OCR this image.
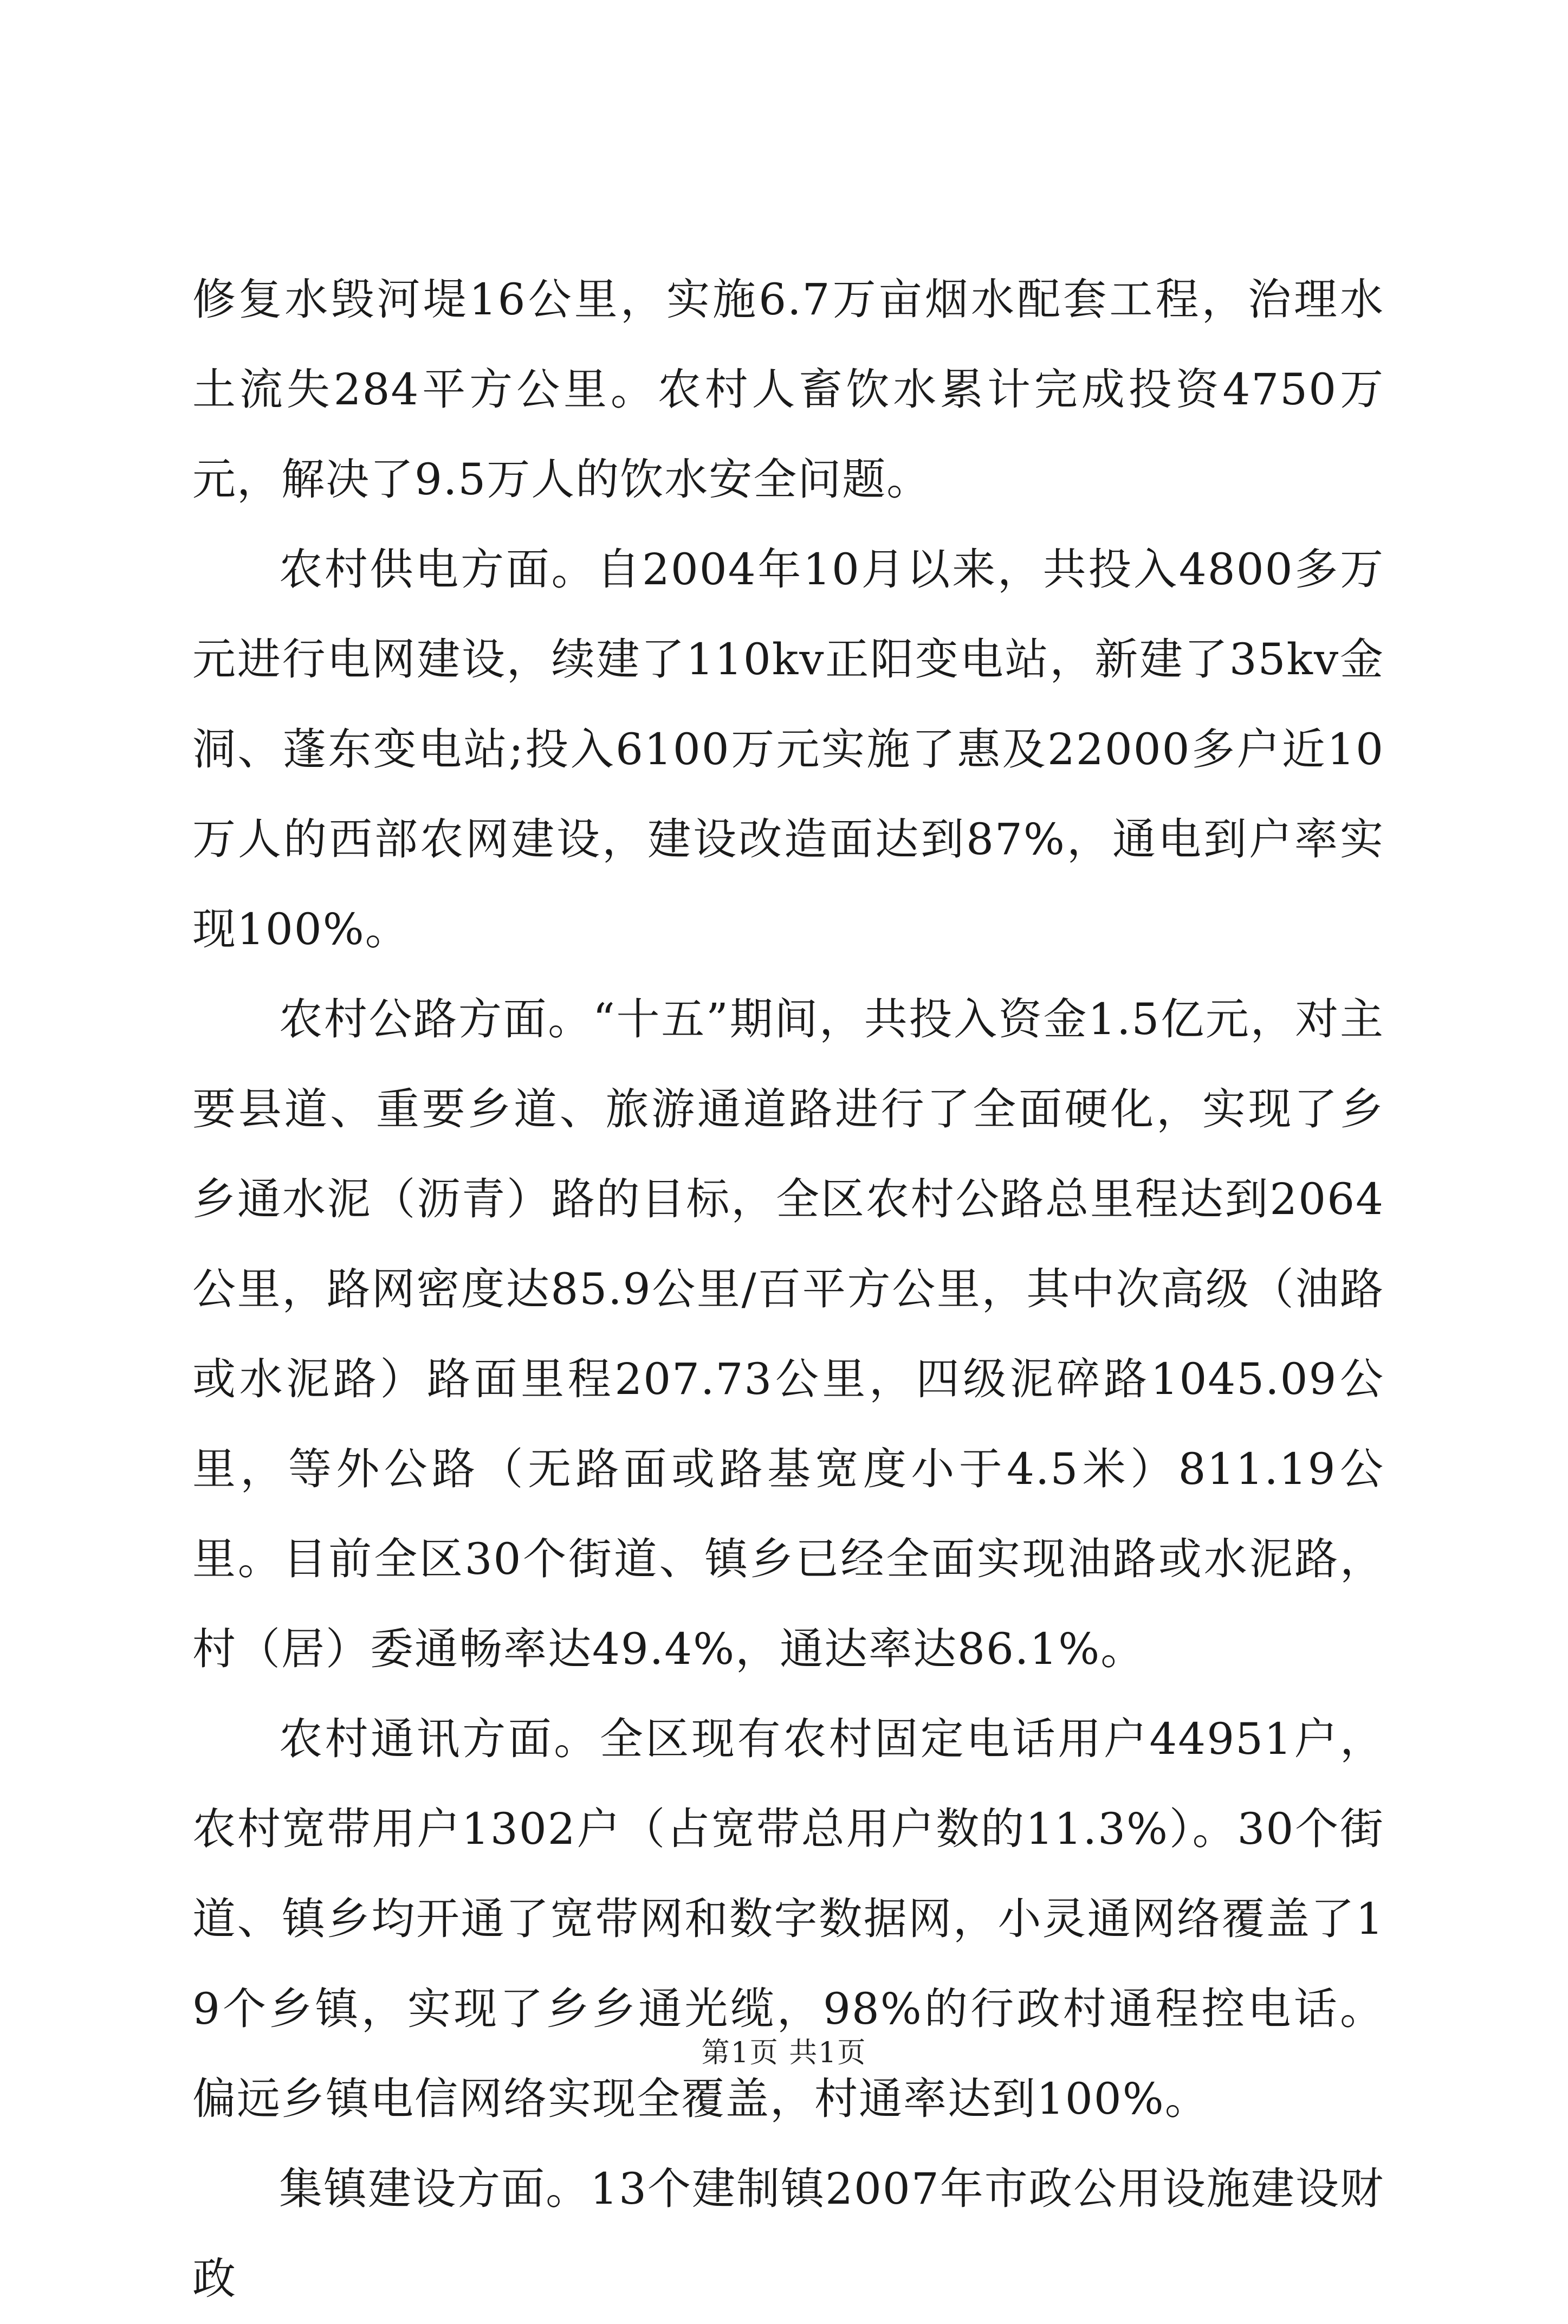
修复水毁河堤16公里，实施6.7万亩烟水配套工程，治理水土流失284平方公里。农村人畜饮水累计完成投资4750万元，解决了9.5万人的饮水安全问题。

农村供电方面。自2004年10月以来，共投入4800多万元进行电网建设，续建了110kv正阳变电站，新建了35kv金洞、蓬东变电站;投入6100万元实施了惠及22000多户近10万人的西部农网建设，建设改造面达到87%，通电到户率实现100%。

农村公路方面。“十五”期间，共投入资金1.5亿元，对主要县道、重要乡道、旅游通道路进行了全面硬化，实现了乡乡通水泥（沥青）路的目标，全区农村公路总里程达到2064公里，路网密度达85.9公里/百平方公里，其中次高级（油路或水泥路）路面里程207.73公里，四级泥碎路1045.09公里，等外公路（无路面或路基宽度小于4.5米）811.19公里。目前全区30个街道、镇乡已经全面实现油路或水泥路，村（居）委通畅率达49.4%，通达率达86.1%。

农村通讯方面。全区现有农村固定电话用户44951户，农村宽带用户1302户（占宽带总用户数的11.3%）。30个街道、镇乡均开通了宽带网和数字数据网，小灵通网络覆盖了19个乡镇，实现了乡乡通光缆，98%的行政村通程控电话。偏远乡镇电信网络实现全覆盖，村通率达到100%。

集镇建设方面。13个建制镇2007年市政公用设施建设财政

第1页 共1页
